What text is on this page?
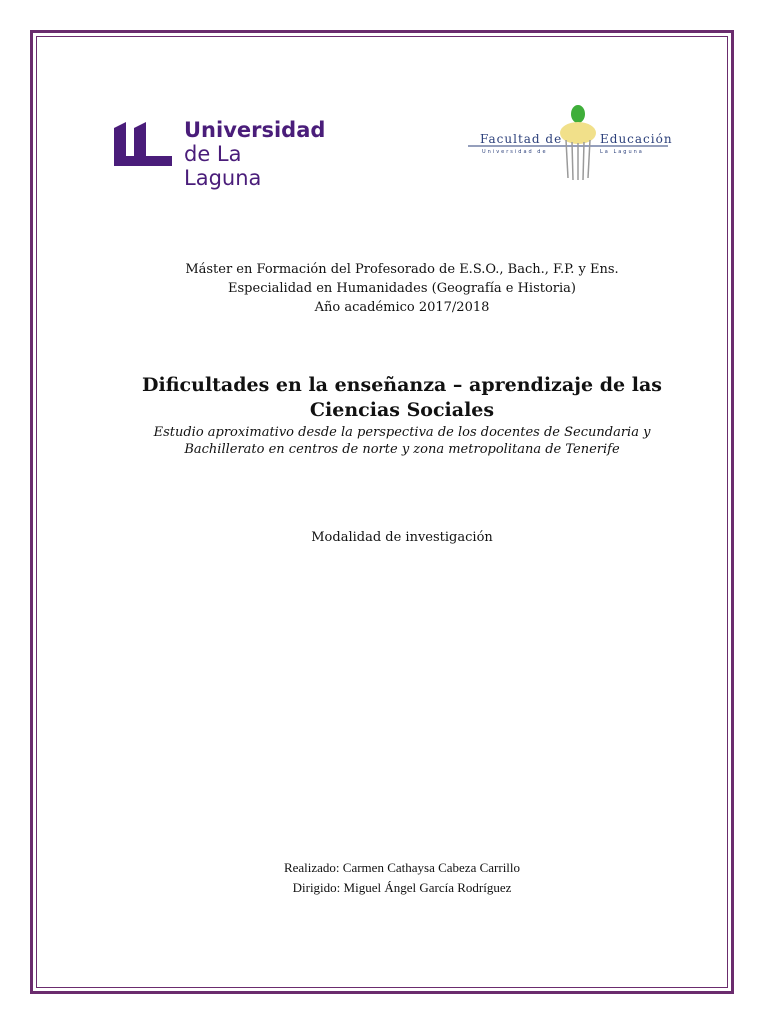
Universidad
de La Laguna
Facultad de	Educación
Universidad de	La Laguna
Máster en Formación del Profesorado de E.S.O., Bach., F.P. y Ens.
Especialidad en Humanidades (Geografía e Historia)
Año académico 2017/2018
Dificultades en la enseñanza – aprendizaje de las
Ciencias Sociales
Estudio aproximativo desde la perspectiva de los docentes de Secundaria y
Bachillerato en centros de norte y zona metropolitana de Tenerife
Modalidad de investigación
Realizado: Carmen Cathaysa Cabeza Carrillo
Dirigido: Miguel Ángel García Rodríguez
